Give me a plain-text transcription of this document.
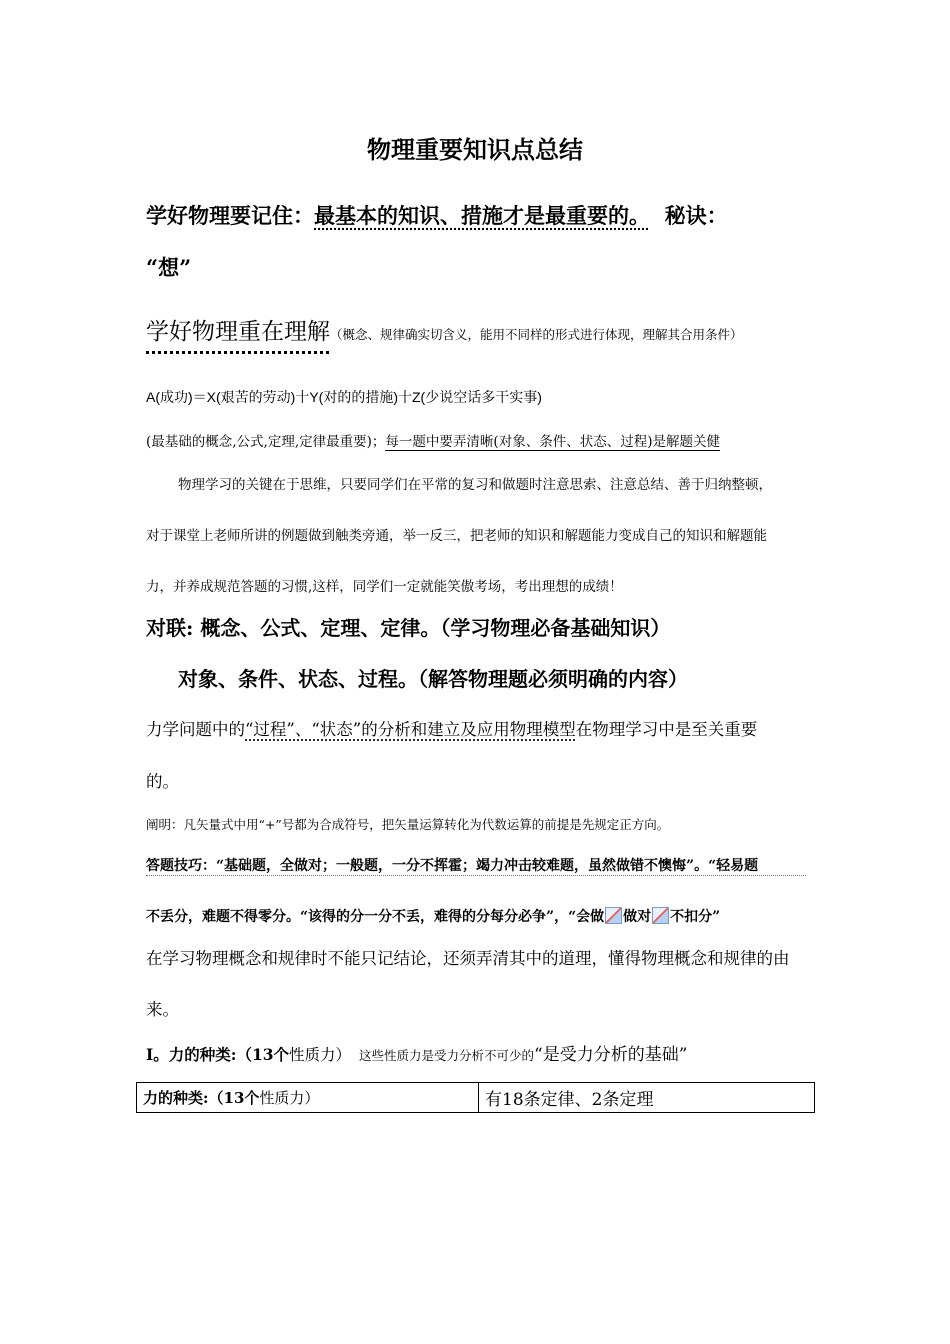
物理重要知识点总结
学好物理要记住：最基本的知识、措施才是最重要的。  秘诀：
“想”
学好物理重在理解（概念、规律确实切含义，能用不同样的形式进行体现，理解其合用条件）
A(成功)＝X(艰苦的劳动)十Y(对的的措施)十Z(少说空话多干实事)
(最基础的概念,公式,定理,定律最重要)；每一题中要弄清晰(对象、条件、状态、过程)是解题关健
物理学习的关键在于思维，只要同学们在平常的复习和做题时注意思索、注意总结、善于归纳整顿，
对于课堂上老师所讲的例题做到触类旁通，举一反三，把老师的知识和解题能力变成自己的知识和解题能
力，并养成规范答题的习惯,这样，同学们一定就能笑傲考场，考出理想的成绩！
对联: 概念、公式、定理、定律。（学习物理必备基础知识）
对象、条件、状态、过程。（解答物理题必须明确的内容）
力学问题中的“过程”、“状态”的分析和建立及应用物理模型在物理学习中是至关重要
的。
阐明：凡矢量式中用“+”号都为合成符号，把矢量运算转化为代数运算的前提是先规定正方向。
答题技巧：“基础题，全做对；一般题，一分不挥霍；竭力冲击较难题，虽然做错不懊悔”。“轻易题
不丢分，难题不得零分。“该得的分一分不丢，难得的分每分必争”，“会做 做对 不扣分”
在学习物理概念和规律时不能只记结论，还须弄清其中的道理，懂得物理概念和规律的由
来。
I。力的种类:（13个性质力）  这些性质力是受力分析不可少的“是受力分析的基础”
力的种类:（13个性质力）	有18条定律、2条定理
